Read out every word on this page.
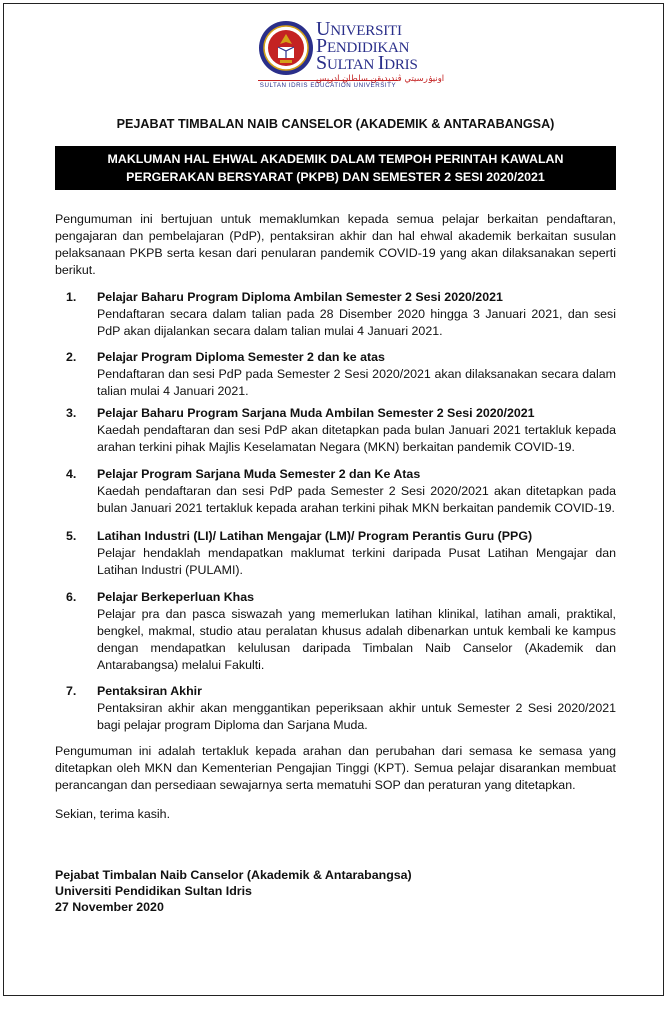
UNIVERSITI
PENDIDIKAN
SULTAN IDRIS
اونيۏرسيتي ڤنديديقن سلطان ادريس
SULTAN IDRIS EDUCATION UNIVERSITY
PEJABAT TIMBALAN NAIB CANSELOR (AKADEMIK & ANTARABANGSA)
MAKLUMAN HAL EHWAL AKADEMIK DALAM TEMPOH PERINTAH KAWALAN
PERGERAKAN BERSYARAT (PKPB) DAN SEMESTER 2 SESI 2020/2021
Pengumuman ini bertujuan untuk memaklumkan kepada semua pelajar berkaitan pendaftaran, pengajaran dan pembelajaran (PdP), pentaksiran akhir dan hal ehwal akademik berkaitan susulan pelaksanaan PKPB serta kesan dari penularan pandemik COVID-19 yang akan dilaksanakan seperti berikut.
1. Pelajar Baharu Program Diploma Ambilan Semester 2 Sesi 2020/2021
Pendaftaran secara dalam talian pada 28 Disember 2020 hingga 3 Januari 2021, dan sesi PdP akan dijalankan secara dalam talian mulai 4 Januari 2021.
2. Pelajar Program Diploma Semester 2 dan ke atas
Pendaftaran dan sesi PdP pada Semester 2 Sesi 2020/2021 akan dilaksanakan secara dalam talian mulai 4 Januari 2021.
3. Pelajar Baharu Program Sarjana Muda Ambilan Semester 2 Sesi 2020/2021
Kaedah pendaftaran dan sesi PdP akan ditetapkan pada bulan Januari 2021 tertakluk kepada arahan terkini pihak Majlis Keselamatan Negara (MKN) berkaitan pandemik COVID-19.
4. Pelajar Program Sarjana Muda Semester 2 dan Ke Atas
Kaedah pendaftaran dan sesi PdP pada Semester 2 Sesi 2020/2021 akan ditetapkan pada bulan Januari 2021 tertakluk kepada arahan terkini pihak MKN berkaitan pandemik COVID-19.
5. Latihan Industri (LI)/ Latihan Mengajar (LM)/ Program Perantis Guru (PPG)
Pelajar hendaklah mendapatkan maklumat terkini daripada Pusat Latihan Mengajar dan Latihan Industri (PULAMI).
6. Pelajar Berkeperluan Khas
Pelajar pra dan pasca siswazah yang memerlukan latihan klinikal, latihan amali, praktikal, bengkel, makmal, studio atau peralatan khusus adalah dibenarkan untuk kembali ke kampus dengan mendapatkan kelulusan daripada Timbalan Naib Canselor (Akademik dan Antarabangsa) melalui Fakulti.
7. Pentaksiran Akhir
Pentaksiran akhir akan menggantikan peperiksaan akhir untuk Semester 2 Sesi 2020/2021 bagi pelajar program Diploma dan Sarjana Muda.
Pengumuman ini adalah tertakluk kepada arahan dan perubahan dari semasa ke semasa yang ditetapkan oleh MKN dan Kementerian Pengajian Tinggi (KPT). Semua pelajar disarankan membuat perancangan dan persediaan sewajarnya serta mematuhi SOP dan peraturan yang ditetapkan.
Sekian, terima kasih.
Pejabat Timbalan Naib Canselor (Akademik & Antarabangsa)
Universiti Pendidikan Sultan Idris
27 November 2020
